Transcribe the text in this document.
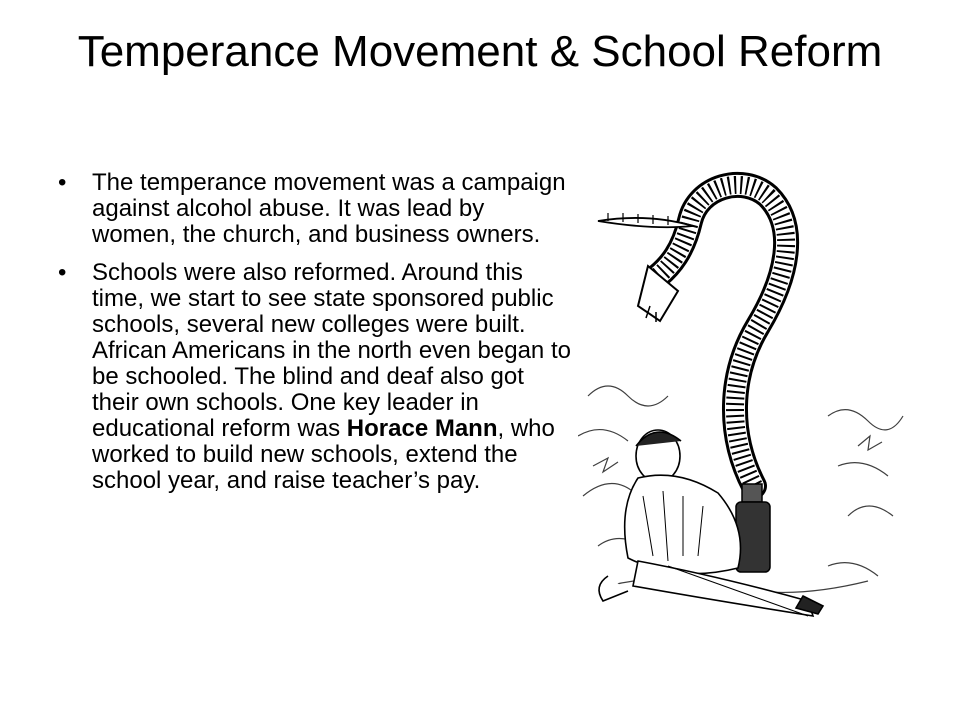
Temperance Movement & School Reform
• The temperance movement was a campaign against alcohol abuse. It was lead by women, the church, and business owners.
• Schools were also reformed. Around this time, we start to see state sponsored public schools, several new colleges were built. African Americans in the north even began to be schooled. The blind and deaf also got their own schools. One key leader in educational reform was Horace Mann, who worked to build new schools, extend the school year, and raise teacher’s pay.
